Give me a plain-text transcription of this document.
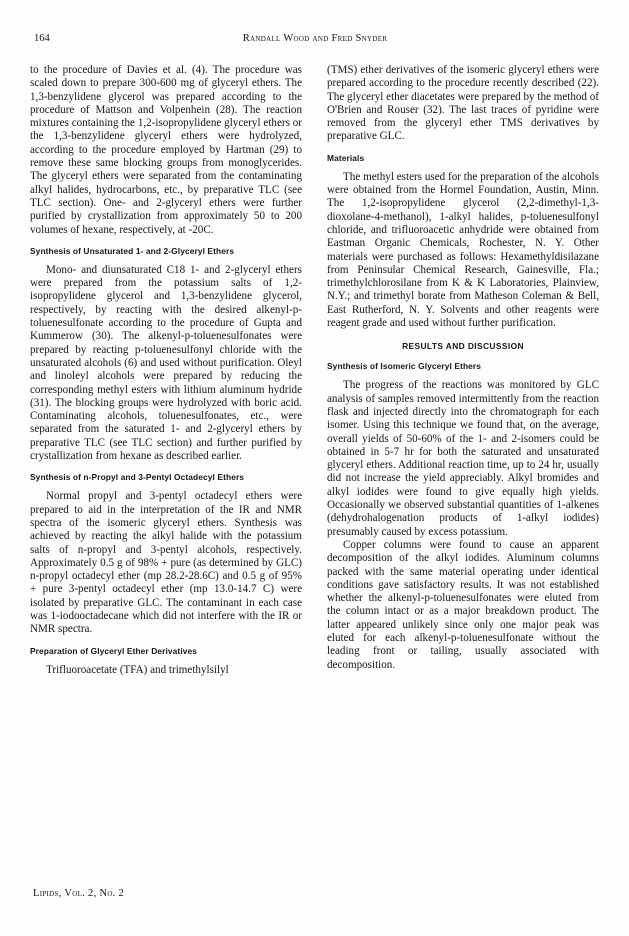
164	Randall Wood and Fred Snyder

to the procedure of Davies et al. (4). The procedure was scaled down to prepare 300-600 mg of glyceryl ethers. The 1,3-benzylidene glycerol was prepared according to the procedure of Mattson and Volpenhein (28). The reaction mixtures containing the 1,2-isopropylidene glyceryl ethers or the 1,3-benzylidene glyceryl ethers were hydrolyzed, according to the procedure employed by Hartman (29) to remove these same blocking groups from monoglycerides. The glyceryl ethers were separated from the contaminating alkyl halides, hydrocarbons, etc., by preparative TLC (see TLC section). One- and 2-glyceryl ethers were further purified by crystallization from approximately 50 to 200 volumes of hexane, respectively, at -20C.

Synthesis of Unsaturated 1- and 2-Glyceryl Ethers

Mono- and diunsaturated C18 1- and 2-glyceryl ethers were prepared from the potassium salts of 1,2-isopropylidene glycerol and 1,3-benzylidene glycerol, respectively, by reacting with the desired alkenyl-p-toluenesulfonate according to the procedure of Gupta and Kummerow (30). The alkenyl-p-toluenesulfonates were prepared by reacting p-toluenesulfonyl chloride with the unsaturated alcohols (6) and used without purification. Oleyl and linoleyl alcohols were prepared by reducing the corresponding methyl esters with lithium aluminum hydride (31). The blocking groups were hydrolyzed with boric acid. Contaminating alcohols, toluenesulfonates, etc., were separated from the saturated 1- and 2-glyceryl ethers by preparative TLC (see TLC section) and further purified by crystallization from hexane as described earlier.

Synthesis of n-Propyl and 3-Pentyl Octadecyl Ethers

Normal propyl and 3-pentyl octadecyl ethers were prepared to aid in the interpretation of the IR and NMR spectra of the isomeric glyceryl ethers. Synthesis was achieved by reacting the alkyl halide with the potassium salts of n-propyl and 3-pentyl alcohols, respectively. Approximately 0.5 g of 98% + pure (as determined by GLC) n-propyl octadecyl ether (mp 28.2-28.6C) and 0.5 g of 95% + pure 3-pentyl octadecyl ether (mp 13.0-14.7 C) were isolated by preparative GLC. The contaminant in each case was 1-iodooctadecane which did not interfere with the IR or NMR spectra.

Preparation of Glyceryl Ether Derivatives

Trifluoroacetate (TFA) and trimethylsilyl

(TMS) ether derivatives of the isomeric glyceryl ethers were prepared according to the procedure recently described (22). The glyceryl ether diacetates were prepared by the method of O'Brien and Rouser (32). The last traces of pyridine were removed from the glyceryl ether TMS derivatives by preparative GLC.

Materials

The methyl esters used for the preparation of the alcohols were obtained from the Hormel Foundation, Austin, Minn. The 1,2-isopropylidene glycerol (2,2-dimethyl-1,3-dioxolane-4-methanol), 1-alkyl halides, p-toluenesulfonyl chloride, and trifluoroacetic anhydride were obtained from Eastman Organic Chemicals, Rochester, N. Y. Other materials were purchased as follows: Hexamethyldisilazane from Peninsular Chemical Research, Gainesville, Fla.; trimethylchlorosilane from K & K Laboratories, Plainview, N.Y.; and trimethyl borate from Matheson Coleman & Bell, East Rutherford, N. Y. Solvents and other reagents were reagent grade and used without further purification.

RESULTS AND DISCUSSION
Synthesis of Isomeric Glyceryl Ethers

The progress of the reactions was monitored by GLC analysis of samples removed intermittently from the reaction flask and injected directly into the chromatograph for each isomer. Using this technique we found that, on the average, overall yields of 50-60% of the 1- and 2-isomers could be obtained in 5-7 hr for both the saturated and unsaturated glyceryl ethers. Additional reaction time, up to 24 hr, usually did not increase the yield appreciably. Alkyl bromides and alkyl iodides were found to give equally high yields. Occasionally we observed substantial quantities of 1-alkenes (dehydrohalogenation products of 1-alkyl iodides) presumably caused by excess potassium.

Copper columns were found to cause an apparent decomposition of the alkyl iodides. Aluminum columns packed with the same material operating under identical conditions gave satisfactory results. It was not established whether the alkenyl-p-toluenesulfonates were eluted from the column intact or as a major breakdown product. The latter appeared unlikely since only one major peak was eluted for each alkenyl-p-toluenesulfonate without the leading front or tailing, usually associated with decomposition.

Lipids, Vol. 2, No. 2
